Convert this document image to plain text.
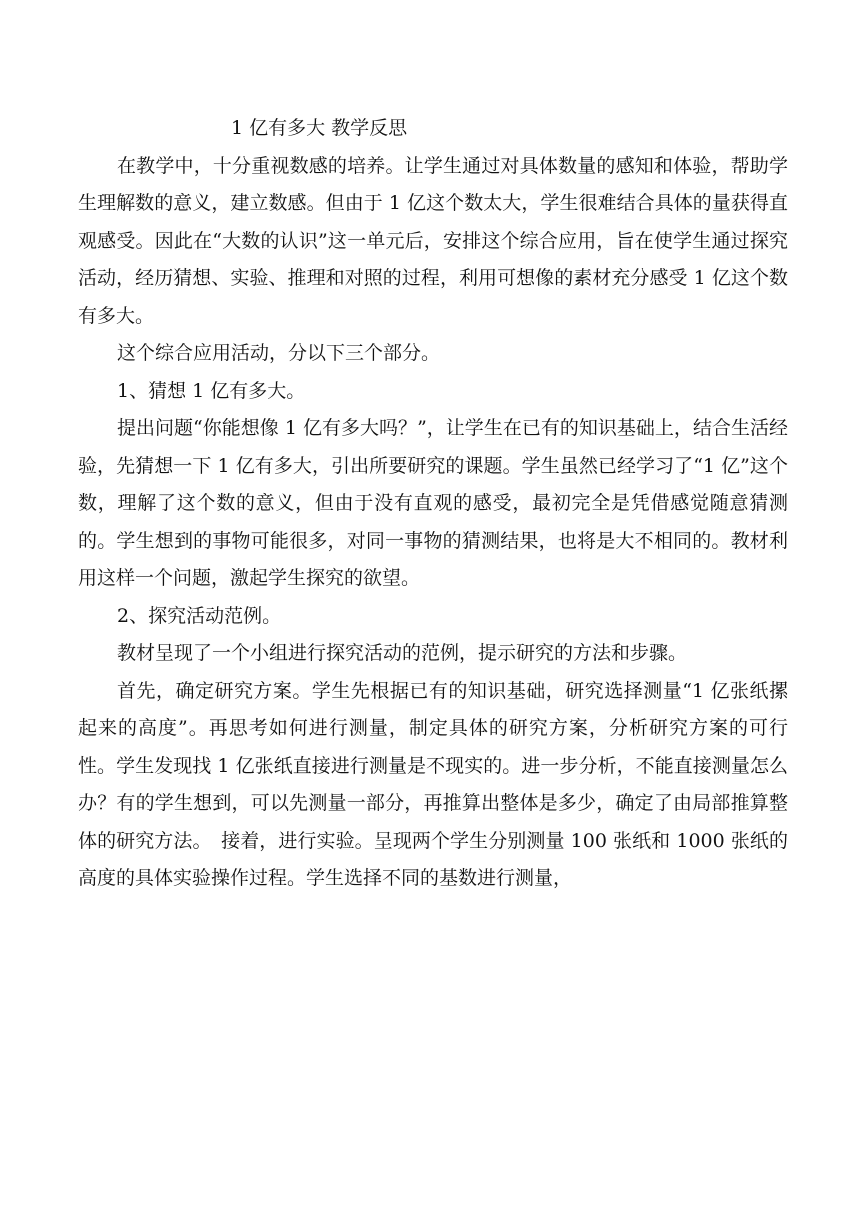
1 亿有多大 教学反思

在教学中，十分重视数感的培养。让学生通过对具体数量的感知和体验，帮助学生理解数的意义，建立数感。但由于 1 亿这个数太大，学生很难结合具体的量获得直观感受。因此在“大数的认识”这一单元后，安排这个综合应用，旨在使学生通过探究活动，经历猜想、实验、推理和对照的过程，利用可想像的素材充分感受 1 亿这个数有多大。

这个综合应用活动，分以下三个部分。

1、猜想 1 亿有多大。

提出问题“你能想像 1 亿有多大吗？”，让学生在已有的知识基础上，结合生活经验，先猜想一下 1 亿有多大，引出所要研究的课题。学生虽然已经学习了“1 亿”这个数，理解了这个数的意义，但由于没有直观的感受，最初完全是凭借感觉随意猜测的。学生想到的事物可能很多，对同一事物的猜测结果，也将是大不相同的。教材利用这样一个问题，激起学生探究的欲望。

2、探究活动范例。

教材呈现了一个小组进行探究活动的范例，提示研究的方法和步骤。

首先，确定研究方案。学生先根据已有的知识基础，研究选择测量“1 亿张纸摞起来的高度”。再思考如何进行测量，制定具体的研究方案，分析研究方案的可行性。学生发现找 1 亿张纸直接进行测量是不现实的。进一步分析，不能直接测量怎么办？有的学生想到，可以先测量一部分，再推算出整体是多少，确定了由局部推算整体的研究方法。　接着，进行实验。呈现两个学生分别测量 100 张纸和 1000 张纸的高度的具体实验操作过程。学生选择不同的基数进行测量，
